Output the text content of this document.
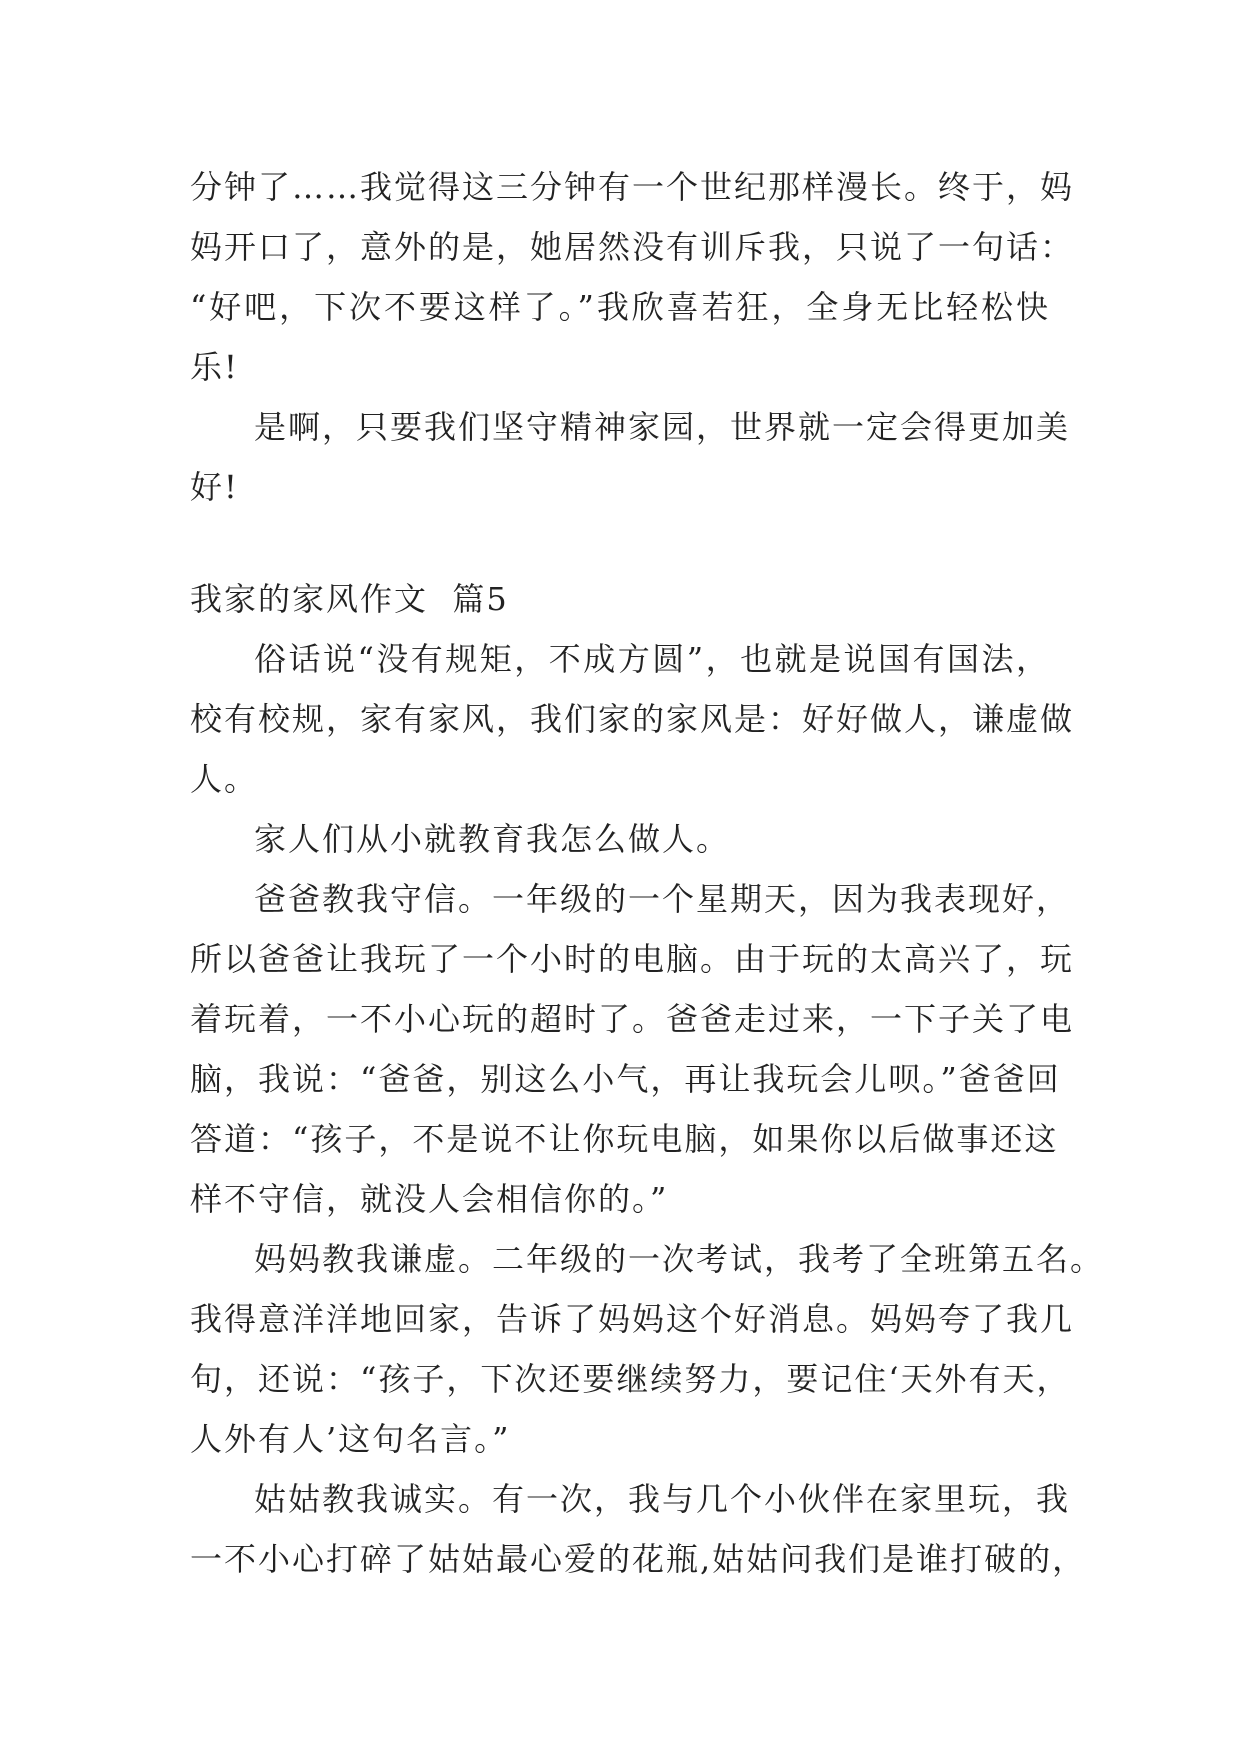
分钟了……我觉得这三分钟有一个世纪那样漫长。终于，妈
妈开口了，意外的是，她居然没有训斥我，只说了一句话：
“好吧，下次不要这样了。”我欣喜若狂，全身无比轻松快
乐!
是啊，只要我们坚守精神家园，世界就一定会得更加美
好!
我家的家风作文  篇5
俗话说“没有规矩，不成方圆”，也就是说国有国法，
校有校规，家有家风，我们家的家风是：好好做人，谦虚做
人。
家人们从小就教育我怎么做人。
爸爸教我守信。一年级的一个星期天，因为我表现好，
所以爸爸让我玩了一个小时的电脑。由于玩的太高兴了，玩
着玩着，一不小心玩的超时了。爸爸走过来，一下子关了电
脑，我说：“爸爸，别这么小气，再让我玩会儿呗。”爸爸回
答道：“孩子，不是说不让你玩电脑，如果你以后做事还这
样不守信，就没人会相信你的。”
妈妈教我谦虚。二年级的一次考试，我考了全班第五名。
我得意洋洋地回家，告诉了妈妈这个好消息。妈妈夸了我几
句，还说：“孩子，下次还要继续努力，要记住‘天外有天，
人外有人’这句名言。”
姑姑教我诚实。有一次，我与几个小伙伴在家里玩，我
一不小心打碎了姑姑最心爱的花瓶,姑姑问我们是谁打破的，
